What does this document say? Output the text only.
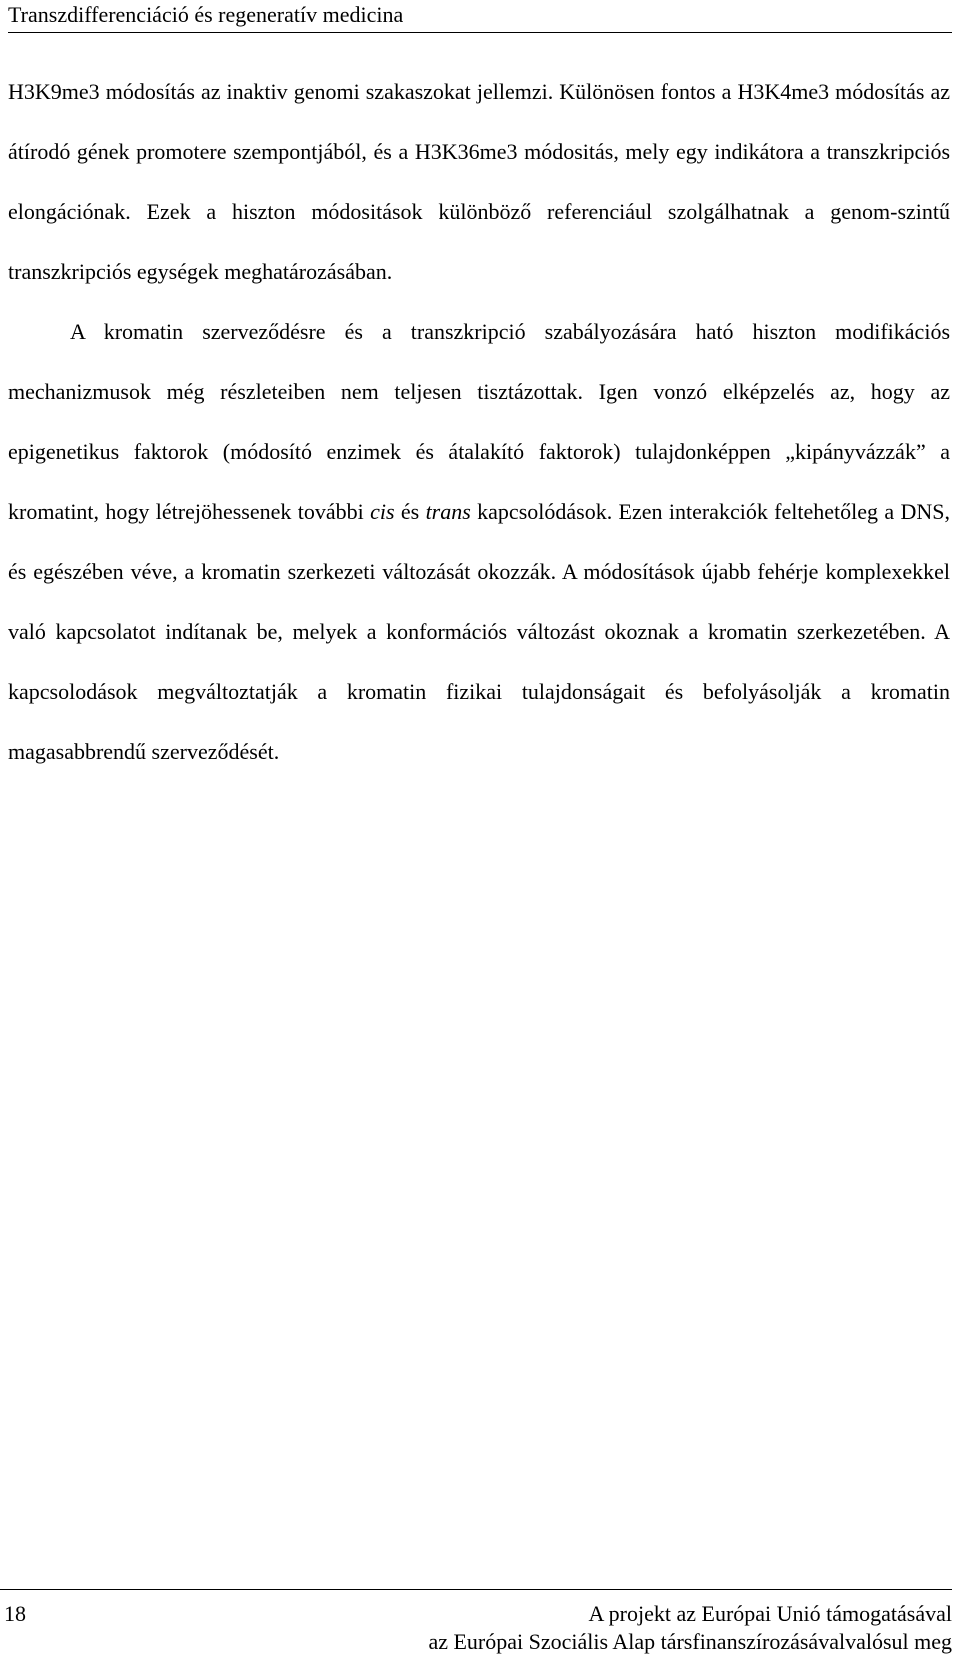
Transzdifferenciáció és regeneratív medicina

H3K9me3 módosítás az inaktiv genomi szakaszokat jellemzi. Különösen fontos a H3K4me3 módosítás az átírodó gének promotere szempontjából, és a H3K36me3 módositás, mely egy indikátora a transzkripciós elongációnak. Ezek a hiszton módositások különböző referenciául szolgálhatnak a genom-szintű transzkripciós egységek meghatározásában.

A kromatin szerveződésre és a transzkripció szabályozására ható hiszton modifikációs mechanizmusok még részleteiben nem teljesen tisztázottak. Igen vonzó elképzelés az, hogy az epigenetikus faktorok (módosító enzimek és átalakító faktorok) tulajdonképpen „kipányvázzák” a kromatint, hogy létrejöhessenek további cis és trans kapcsolódások. Ezen interakciók feltehetőleg a DNS, és egészében véve, a kromatin szerkezeti változását okozzák. A módosítások újabb fehérje komplexekkel való kapcsolatot indítanak be, melyek a konformációs változást okoznak a kromatin szerkezetében. A kapcsolodások megváltoztatják a kromatin fizikai tulajdonságait és befolyásolják a kromatin magasabbrendű szerveződését.

18	A projekt az Európai Unió támogatásával
az Európai Szociális Alap társfinanszírozásávalvalósul meg
